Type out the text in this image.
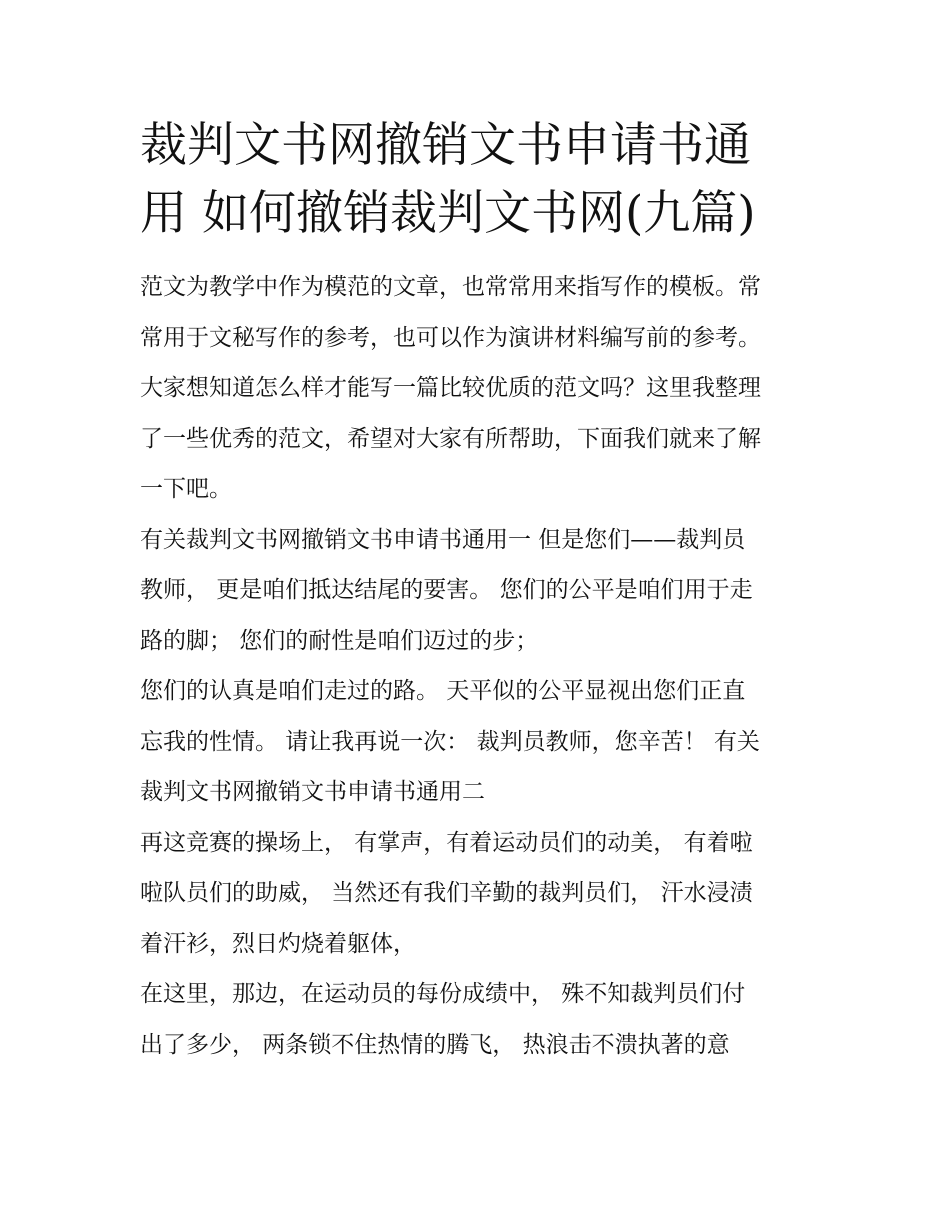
裁判文书网撤销文书申请书通
用 如何撤销裁判文书网(九篇)

范文为教学中作为模范的文章，也常常用来指写作的模板。常
常用于文秘写作的参考，也可以作为演讲材料编写前的参考。
大家想知道怎么样才能写一篇比较优质的范文吗？这里我整理
了一些优秀的范文，希望对大家有所帮助，下面我们就来了解
一下吧。

有关裁判文书网撤销文书申请书通用一 但是您们——裁判员
教师， 更是咱们抵达结尾的要害。 您们的公平是咱们用于走
路的脚； 您们的耐性是咱们迈过的步；

您们的认真是咱们走过的路。 天平似的公平显视出您们正直
忘我的性情。 请让我再说一次： 裁判员教师，您辛苦！ 有关
裁判文书网撤销文书申请书通用二

再这竞赛的操场上， 有掌声，有着运动员们的动美， 有着啦
啦队员们的助威， 当然还有我们辛勤的裁判员们， 汗水浸渍
着汗衫，烈日灼烧着躯体，

在这里，那边，在运动员的每份成绩中， 殊不知裁判员们付
出了多少， 两条锁不住热情的腾飞， 热浪击不溃执著的意
